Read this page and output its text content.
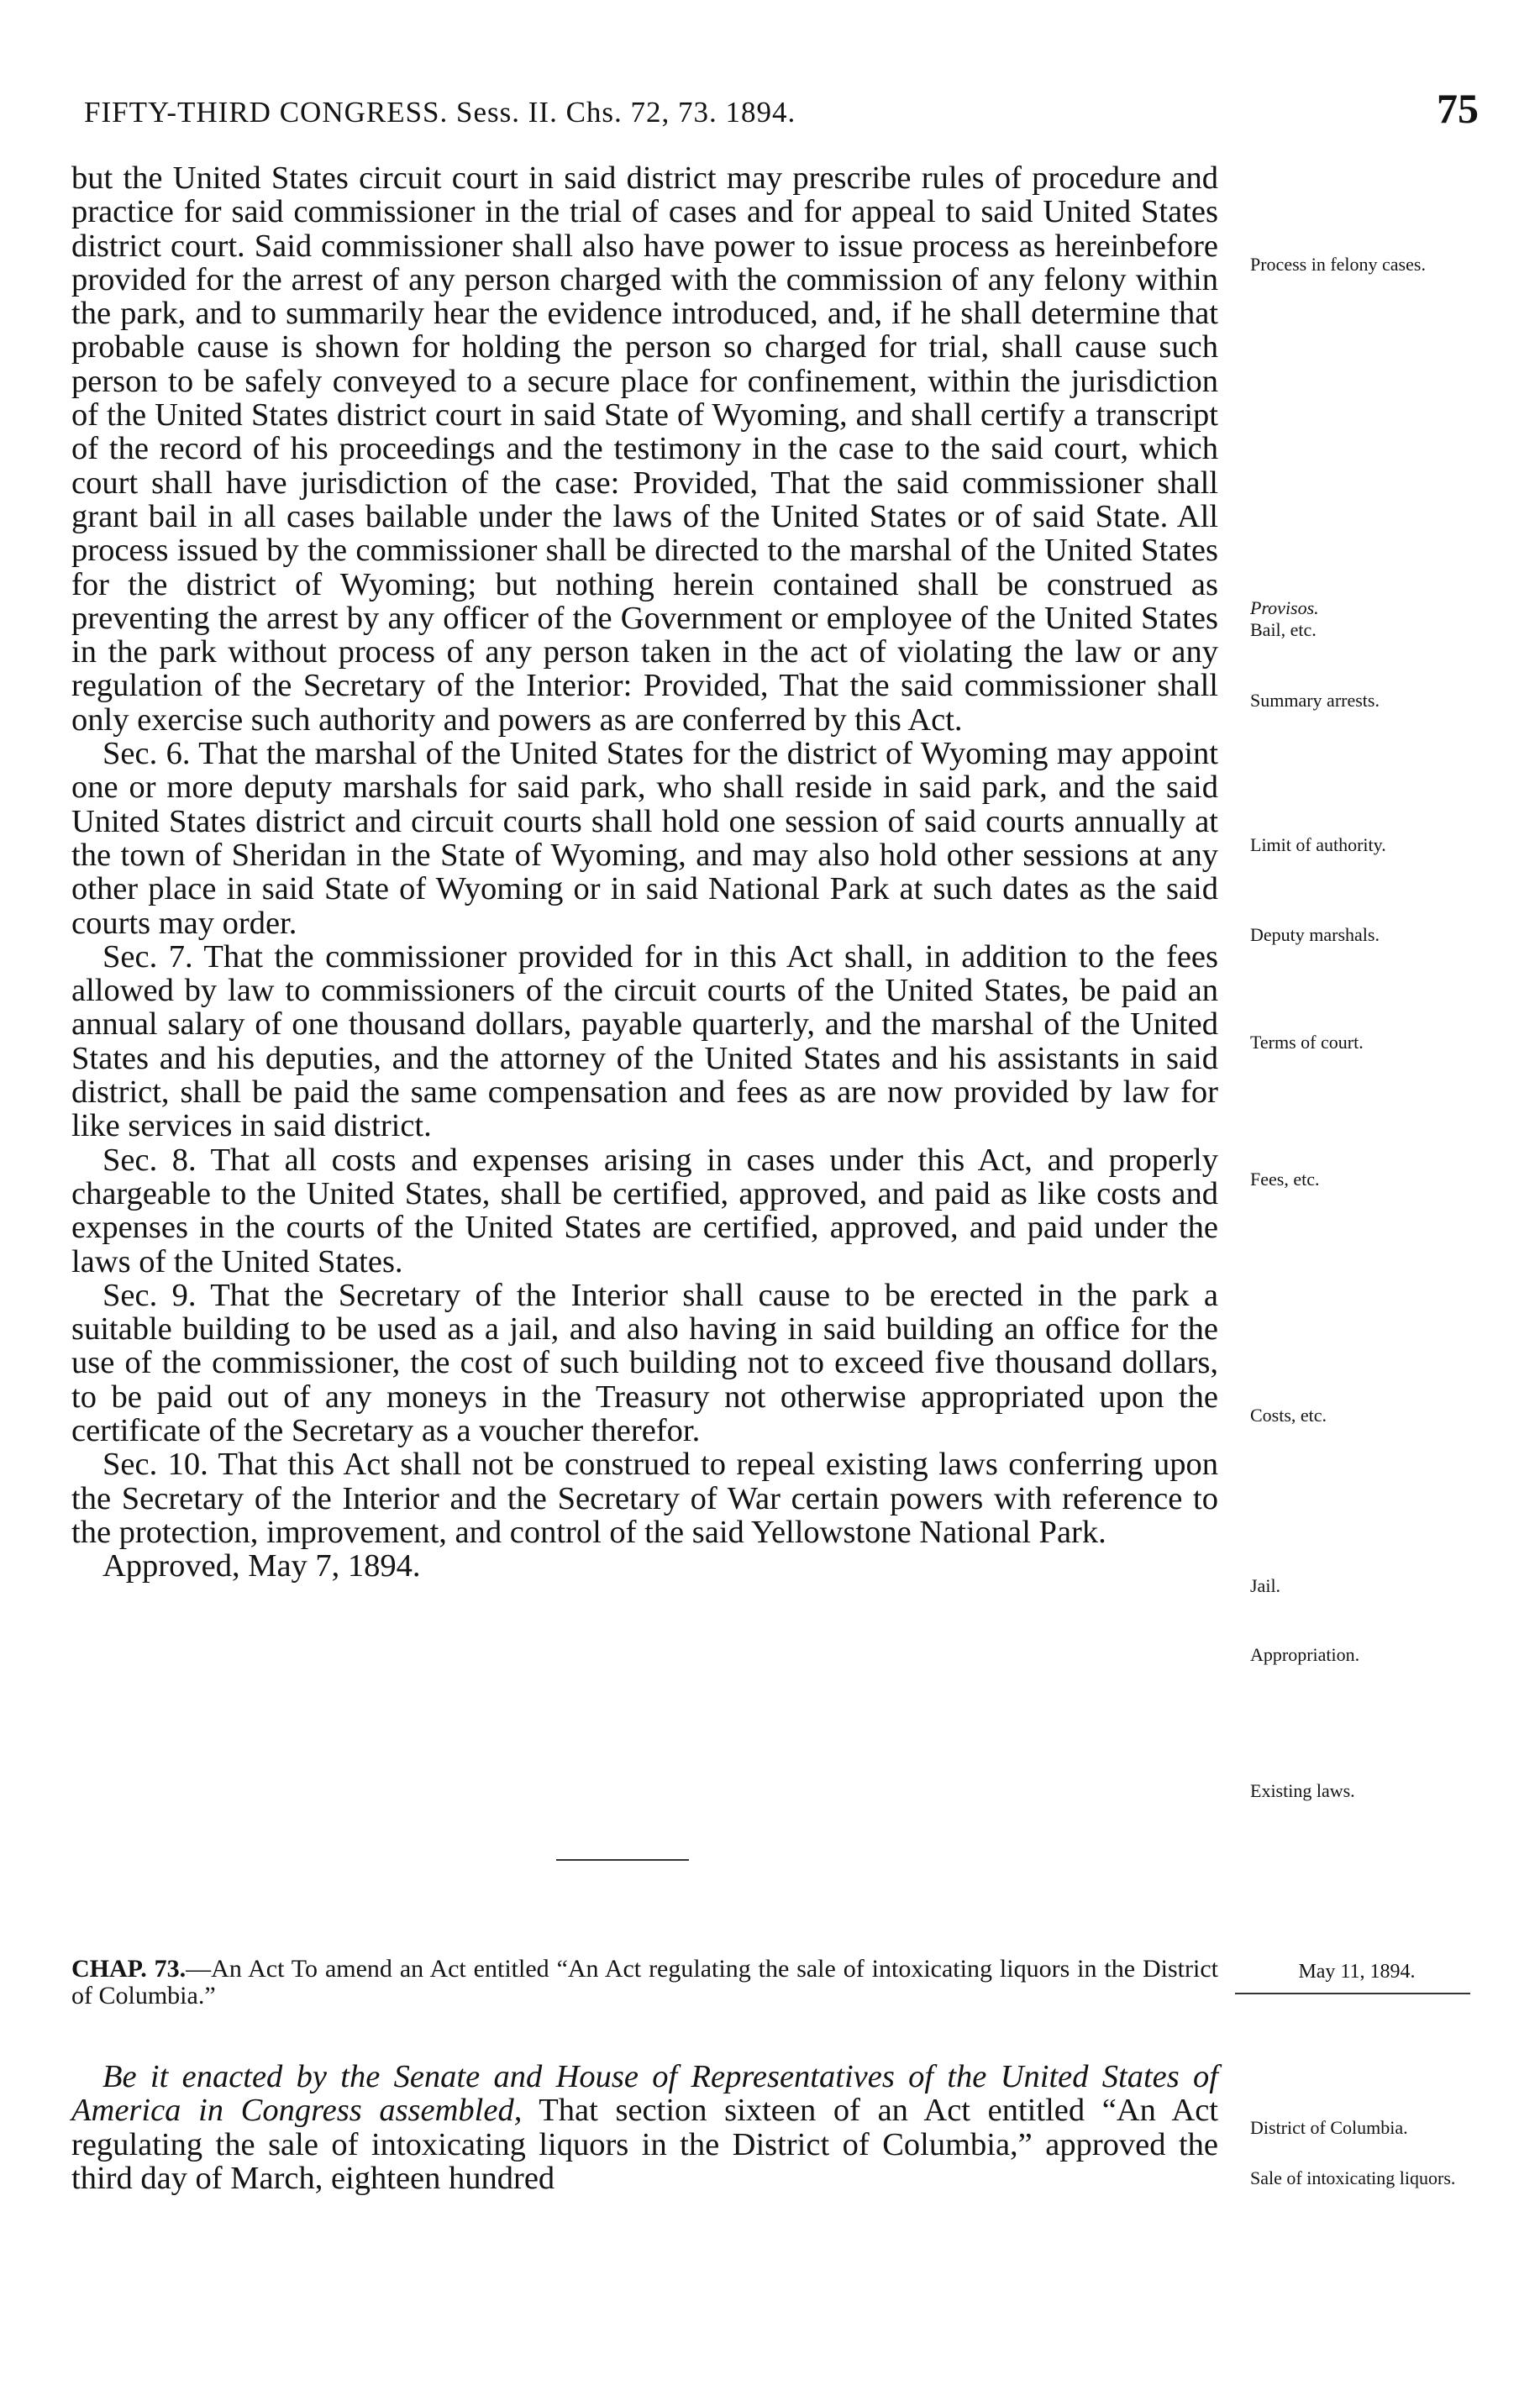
FIFTY-THIRD CONGRESS. Sess. II. Chs. 72, 73. 1894.	75

but the United States circuit court in said district may prescribe rules of procedure and practice for said commissioner in the trial of cases and for appeal to said United States district court. Said commissioner shall also have power to issue process as hereinbefore provided for the arrest of any person charged with the commission of any felony within the park, and to summarily hear the evidence introduced, and, if he shall determine that probable cause is shown for holding the person so charged for trial, shall cause such person to be safely conveyed to a secure place for confinement, within the jurisdiction of the United States district court in said State of Wyoming, and shall certify a transcript of the record of his proceedings and the testimony in the case to the said court, which court shall have jurisdiction of the case: Provided, That the said commissioner shall grant bail in all cases bailable under the laws of the United States or of said State. All process issued by the commissioner shall be directed to the marshal of the United States for the district of Wyoming; but nothing herein contained shall be construed as preventing the arrest by any officer of the Government or employee of the United States in the park without process of any person taken in the act of violating the law or any regulation of the Secretary of the Interior: Provided, That the said commissioner shall only exercise such authority and powers as are conferred by this Act.

Sec. 6. That the marshal of the United States for the district of Wyoming may appoint one or more deputy marshals for said park, who shall reside in said park, and the said United States district and circuit courts shall hold one session of said courts annually at the town of Sheridan in the State of Wyoming, and may also hold other sessions at any other place in said State of Wyoming or in said National Park at such dates as the said courts may order.

Sec. 7. That the commissioner provided for in this Act shall, in addition to the fees allowed by law to commissioners of the circuit courts of the United States, be paid an annual salary of one thousand dollars, payable quarterly, and the marshal of the United States and his deputies, and the attorney of the United States and his assistants in said district, shall be paid the same compensation and fees as are now provided by law for like services in said district.

Sec. 8. That all costs and expenses arising in cases under this Act, and properly chargeable to the United States, shall be certified, approved, and paid as like costs and expenses in the courts of the United States are certified, approved, and paid under the laws of the United States.

Sec. 9. That the Secretary of the Interior shall cause to be erected in the park a suitable building to be used as a jail, and also having in said building an office for the use of the commissioner, the cost of such building not to exceed five thousand dollars, to be paid out of any moneys in the Treasury not otherwise appropriated upon the certificate of the Secretary as a voucher therefor.

Sec. 10. That this Act shall not be construed to repeal existing laws conferring upon the Secretary of the Interior and the Secretary of War certain powers with reference to the protection, improvement, and control of the said Yellowstone National Park.

Approved, May 7, 1894.

CHAP. 73.—An Act To amend an Act entitled “An Act regulating the sale of intoxicating liquors in the District of Columbia.”
May 11, 1894.
Be it enacted by the Senate and House of Representatives of the United States of America in Congress assembled, That section sixteen of an Act entitled “An Act regulating the sale of intoxicating liquors in the District of Columbia,” approved the third day of March, eighteen hundred
Process in felony cases.
Provisos.
Bail, etc.
Summary arrests.
Limit of authority.
Deputy marshals.
Terms of court.
Fees, etc.
Costs, etc.
Jail.
Appropriation.
Existing laws.
District of Columbia.
Sale of intoxicating liquors.
